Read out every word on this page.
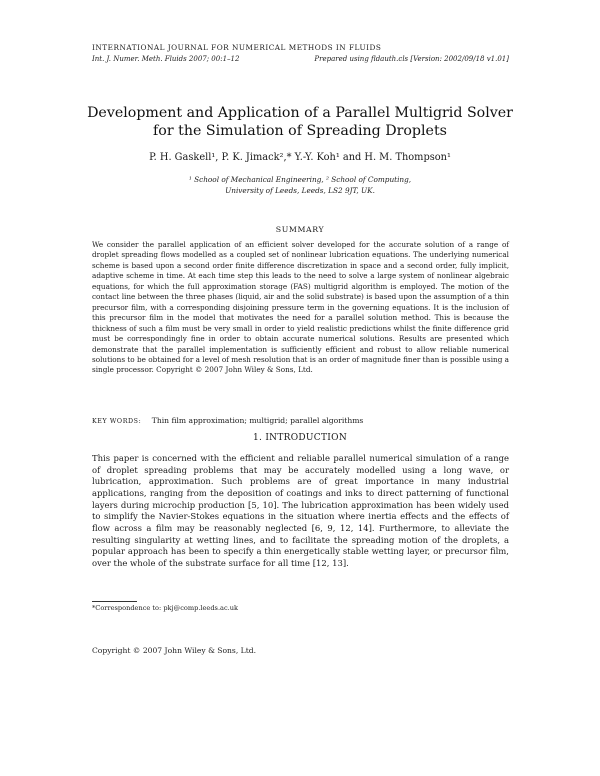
INTERNATIONAL JOURNAL FOR NUMERICAL METHODS IN FLUIDS
Int. J. Numer. Meth. Fluids 2007; 00:1–12	Prepared using fldauth.cls [Version: 2002/09/18 v1.01]
Development and Application of a Parallel Multigrid Solver for the Simulation of Spreading Droplets
P. H. Gaskell¹, P. K. Jimack²,* Y.-Y. Koh¹ and H. M. Thompson¹
¹ School of Mechanical Engineering, ² School of Computing,
University of Leeds, Leeds, LS2 9JT, UK.
SUMMARY
We consider the parallel application of an efficient solver developed for the accurate solution of a range of droplet spreading flows modelled as a coupled set of nonlinear lubrication equations. The underlying numerical scheme is based upon a second order finite difference discretization in space and a second order, fully implicit, adaptive scheme in time. At each time step this leads to the need to solve a large system of nonlinear algebraic equations, for which the full approximation storage (FAS) multigrid algorithm is employed. The motion of the contact line between the three phases (liquid, air and the solid substrate) is based upon the assumption of a thin precursor film, with a corresponding disjoining pressure term in the governing equations. It is the inclusion of this precursor film in the model that motivates the need for a parallel solution method. This is because the thickness of such a film must be very small in order to yield realistic predictions whilst the finite difference grid must be correspondingly fine in order to obtain accurate numerical solutions. Results are presented which demonstrate that the parallel implementation is sufficiently efficient and robust to allow reliable numerical solutions to be obtained for a level of mesh resolution that is an order of magnitude finer than is possible using a single processor. Copyright © 2007 John Wiley & Sons, Ltd.
KEY WORDS: Thin film approximation; multigrid; parallel algorithms
1. INTRODUCTION
This paper is concerned with the efficient and reliable parallel numerical simulation of a range of droplet spreading problems that may be accurately modelled using a long wave, or lubrication, approximation. Such problems are of great importance in many industrial applications, ranging from the deposition of coatings and inks to direct patterning of functional layers during microchip production [5, 10]. The lubrication approximation has been widely used to simplify the Navier-Stokes equations in the situation where inertia effects and the effects of flow across a film may be reasonably neglected [6, 9, 12, 14]. Furthermore, to alleviate the resulting singularity at wetting lines, and to facilitate the spreading motion of the droplets, a popular approach has been to specify a thin energetically stable wetting layer, or precursor film, over the whole of the substrate surface for all time [12, 13].
*Correspondence to: pkj@comp.leeds.ac.uk
Copyright © 2007 John Wiley & Sons, Ltd.
